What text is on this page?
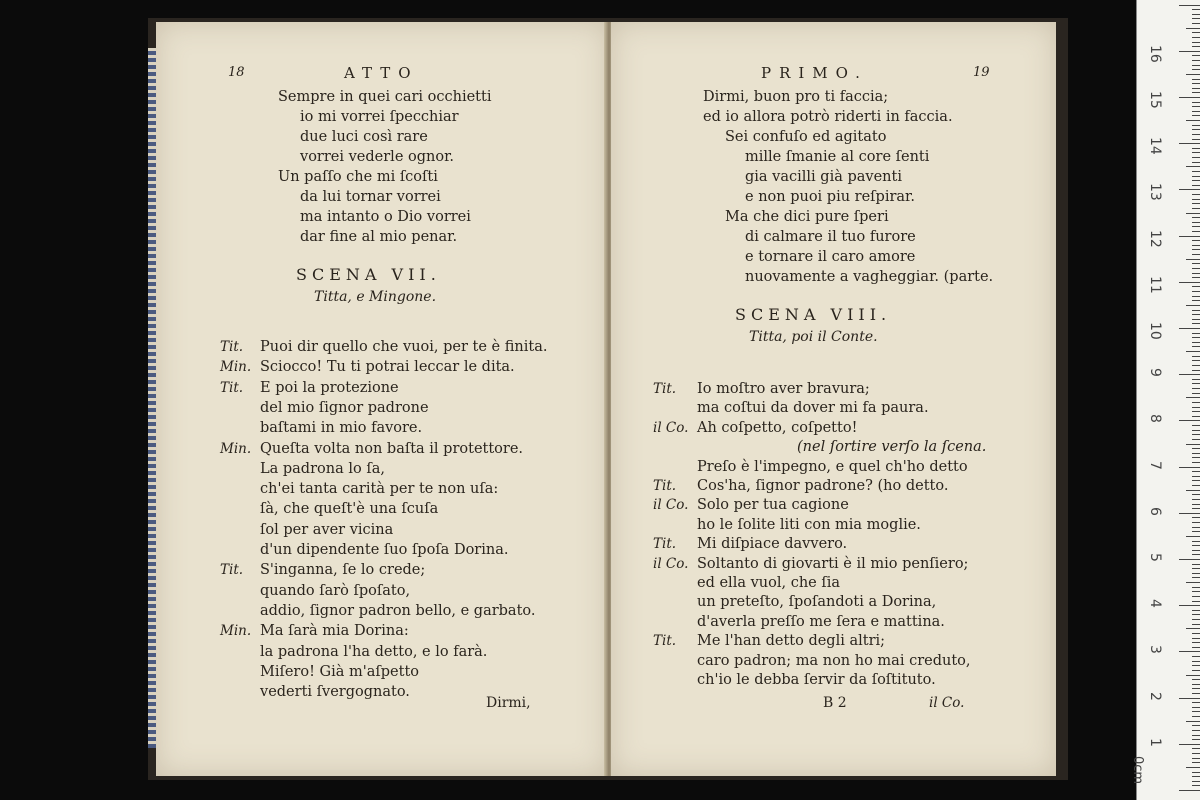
18	ATTO
Sempre in quei cari occhietti
io mi vorrei ſpecchiar
due luci così rare
vorrei vederle ognor.
Un paſſo che mi ſcoſti
da lui tornar vorrei
ma intanto o Dio vorrei
dar fine al mio penar.
SCENA VII.
Titta, e Mingone.
Tit. Puoi dir quello che vuoi, per te è finita.
Min. Sciocco! Tu ti potrai leccar le dita.
Tit. E poi la protezione
del mio ſignor padrone
baſtami in mio favore.
Min. Queſta volta non baſta il protettore.
La padrona lo ſa,
ch'ei tanta carità per te non uſa:
ſà, che queſt'è una ſcuſa
ſol per aver vicina
d'un dipendente ſuo ſpoſa Dorina.
Tit. S'inganna, ſe lo crede;
quando ſarò ſpoſato,
addio, ſignor padron bello, e garbato.
Min. Ma ſarà mia Dorina:
la padrona l'ha detto, e lo farà.
Miſero! Già m'aſpetto
vederti ſvergognato.
Dirmi,
PRIMO.	19
Dirmi, buon pro ti faccia;
ed io allora potrò riderti in faccia.
Sei confuſo ed agitato
mille ſmanie al core ſenti
gia vacilli già paventi
e non puoi piu reſpirar.
Ma che dici pure ſperi
di calmare il tuo furore
e tornare il caro amore
nuovamente a vagheggiar. (parte.
SCENA VIII.
Titta, poi il Conte.
Tit. Io moſtro aver bravura;
ma coſtui da dover mi fa paura.
il Co. Ah coſpetto, coſpetto!
(nel ſortire verſo la ſcena.
Preſo è l'impegno, e quel ch'ho detto
Tit. Cos'ha, ſignor padrone? (ho detto.
il Co. Solo per tua cagione
ho le ſolite liti con mia moglie.
Tit. Mi diſpiace davvero.
il Co. Soltanto di giovarti è il mio penſiero;
ed ella vuol, che ſia
un preteſto, ſpoſandoti a Dorina,
d'averla preſſo me ſera e mattina.
Tit. Me l'han detto degli altri;
caro padron; ma non ho mai creduto,
ch'io le debba ſervir da ſoſtituto.
B 2	il Co.
1
2
3
4
5
6
7
8
9
10
11
12
13
14
15
16
0cm
